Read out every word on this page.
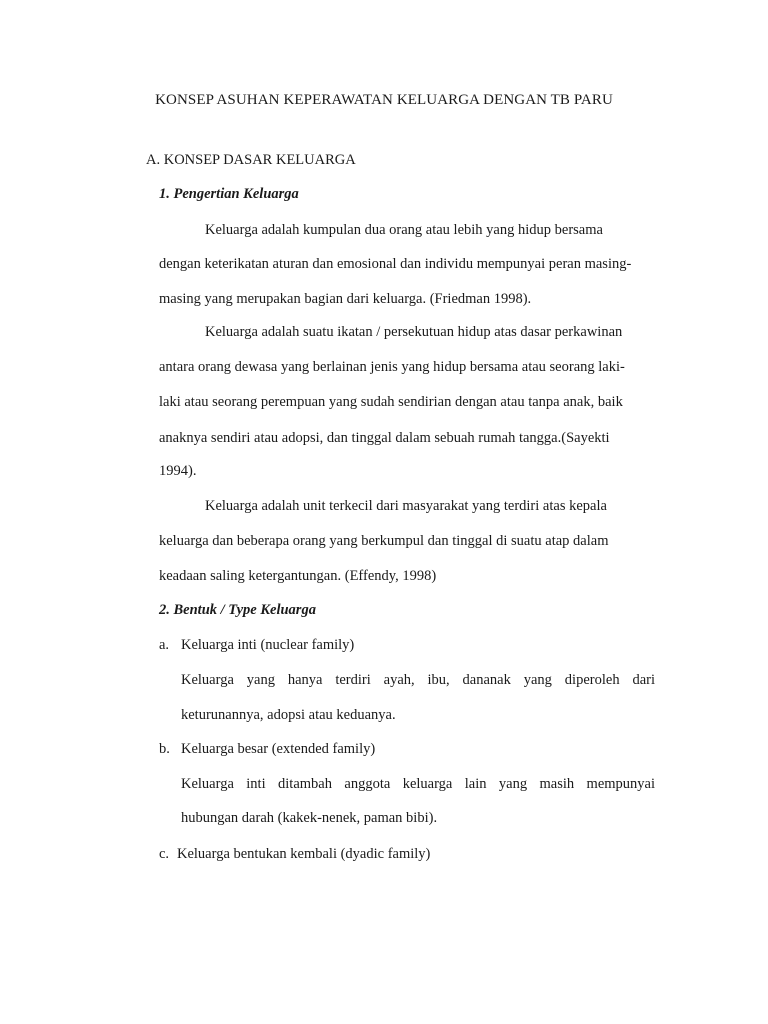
KONSEP ASUHAN KEPERAWATAN KELUARGA DENGAN TB PARU
A. KONSEP DASAR KELUARGA
1. Pengertian Keluarga
Keluarga adalah kumpulan dua orang atau lebih yang hidup bersama
dengan keterikatan aturan dan emosional dan individu mempunyai peran masing-
masing yang merupakan bagian dari keluarga. (Friedman 1998).
Keluarga adalah suatu ikatan / persekutuan hidup atas dasar perkawinan
antara orang dewasa yang berlainan jenis yang hidup bersama atau seorang laki-
laki atau seorang perempuan yang sudah sendirian dengan atau tanpa anak, baik
anaknya sendiri atau adopsi, dan tinggal dalam sebuah rumah tangga.(Sayekti
1994).
Keluarga adalah unit terkecil dari masyarakat yang terdiri atas kepala
keluarga dan beberapa orang yang berkumpul dan tinggal di suatu atap dalam
keadaan saling ketergantungan. (Effendy, 1998)
2. Bentuk / Type Keluarga
a. Keluarga inti (nuclear family)
Keluarga yang hanya terdiri ayah, ibu, dananak yang diperoleh dari
keturunannya, adopsi atau keduanya.
b. Keluarga besar (extended family)
Keluarga inti ditambah anggota keluarga lain yang masih mempunyai
hubungan darah (kakek-nenek, paman bibi).
c. Keluarga bentukan kembali (dyadic family)
